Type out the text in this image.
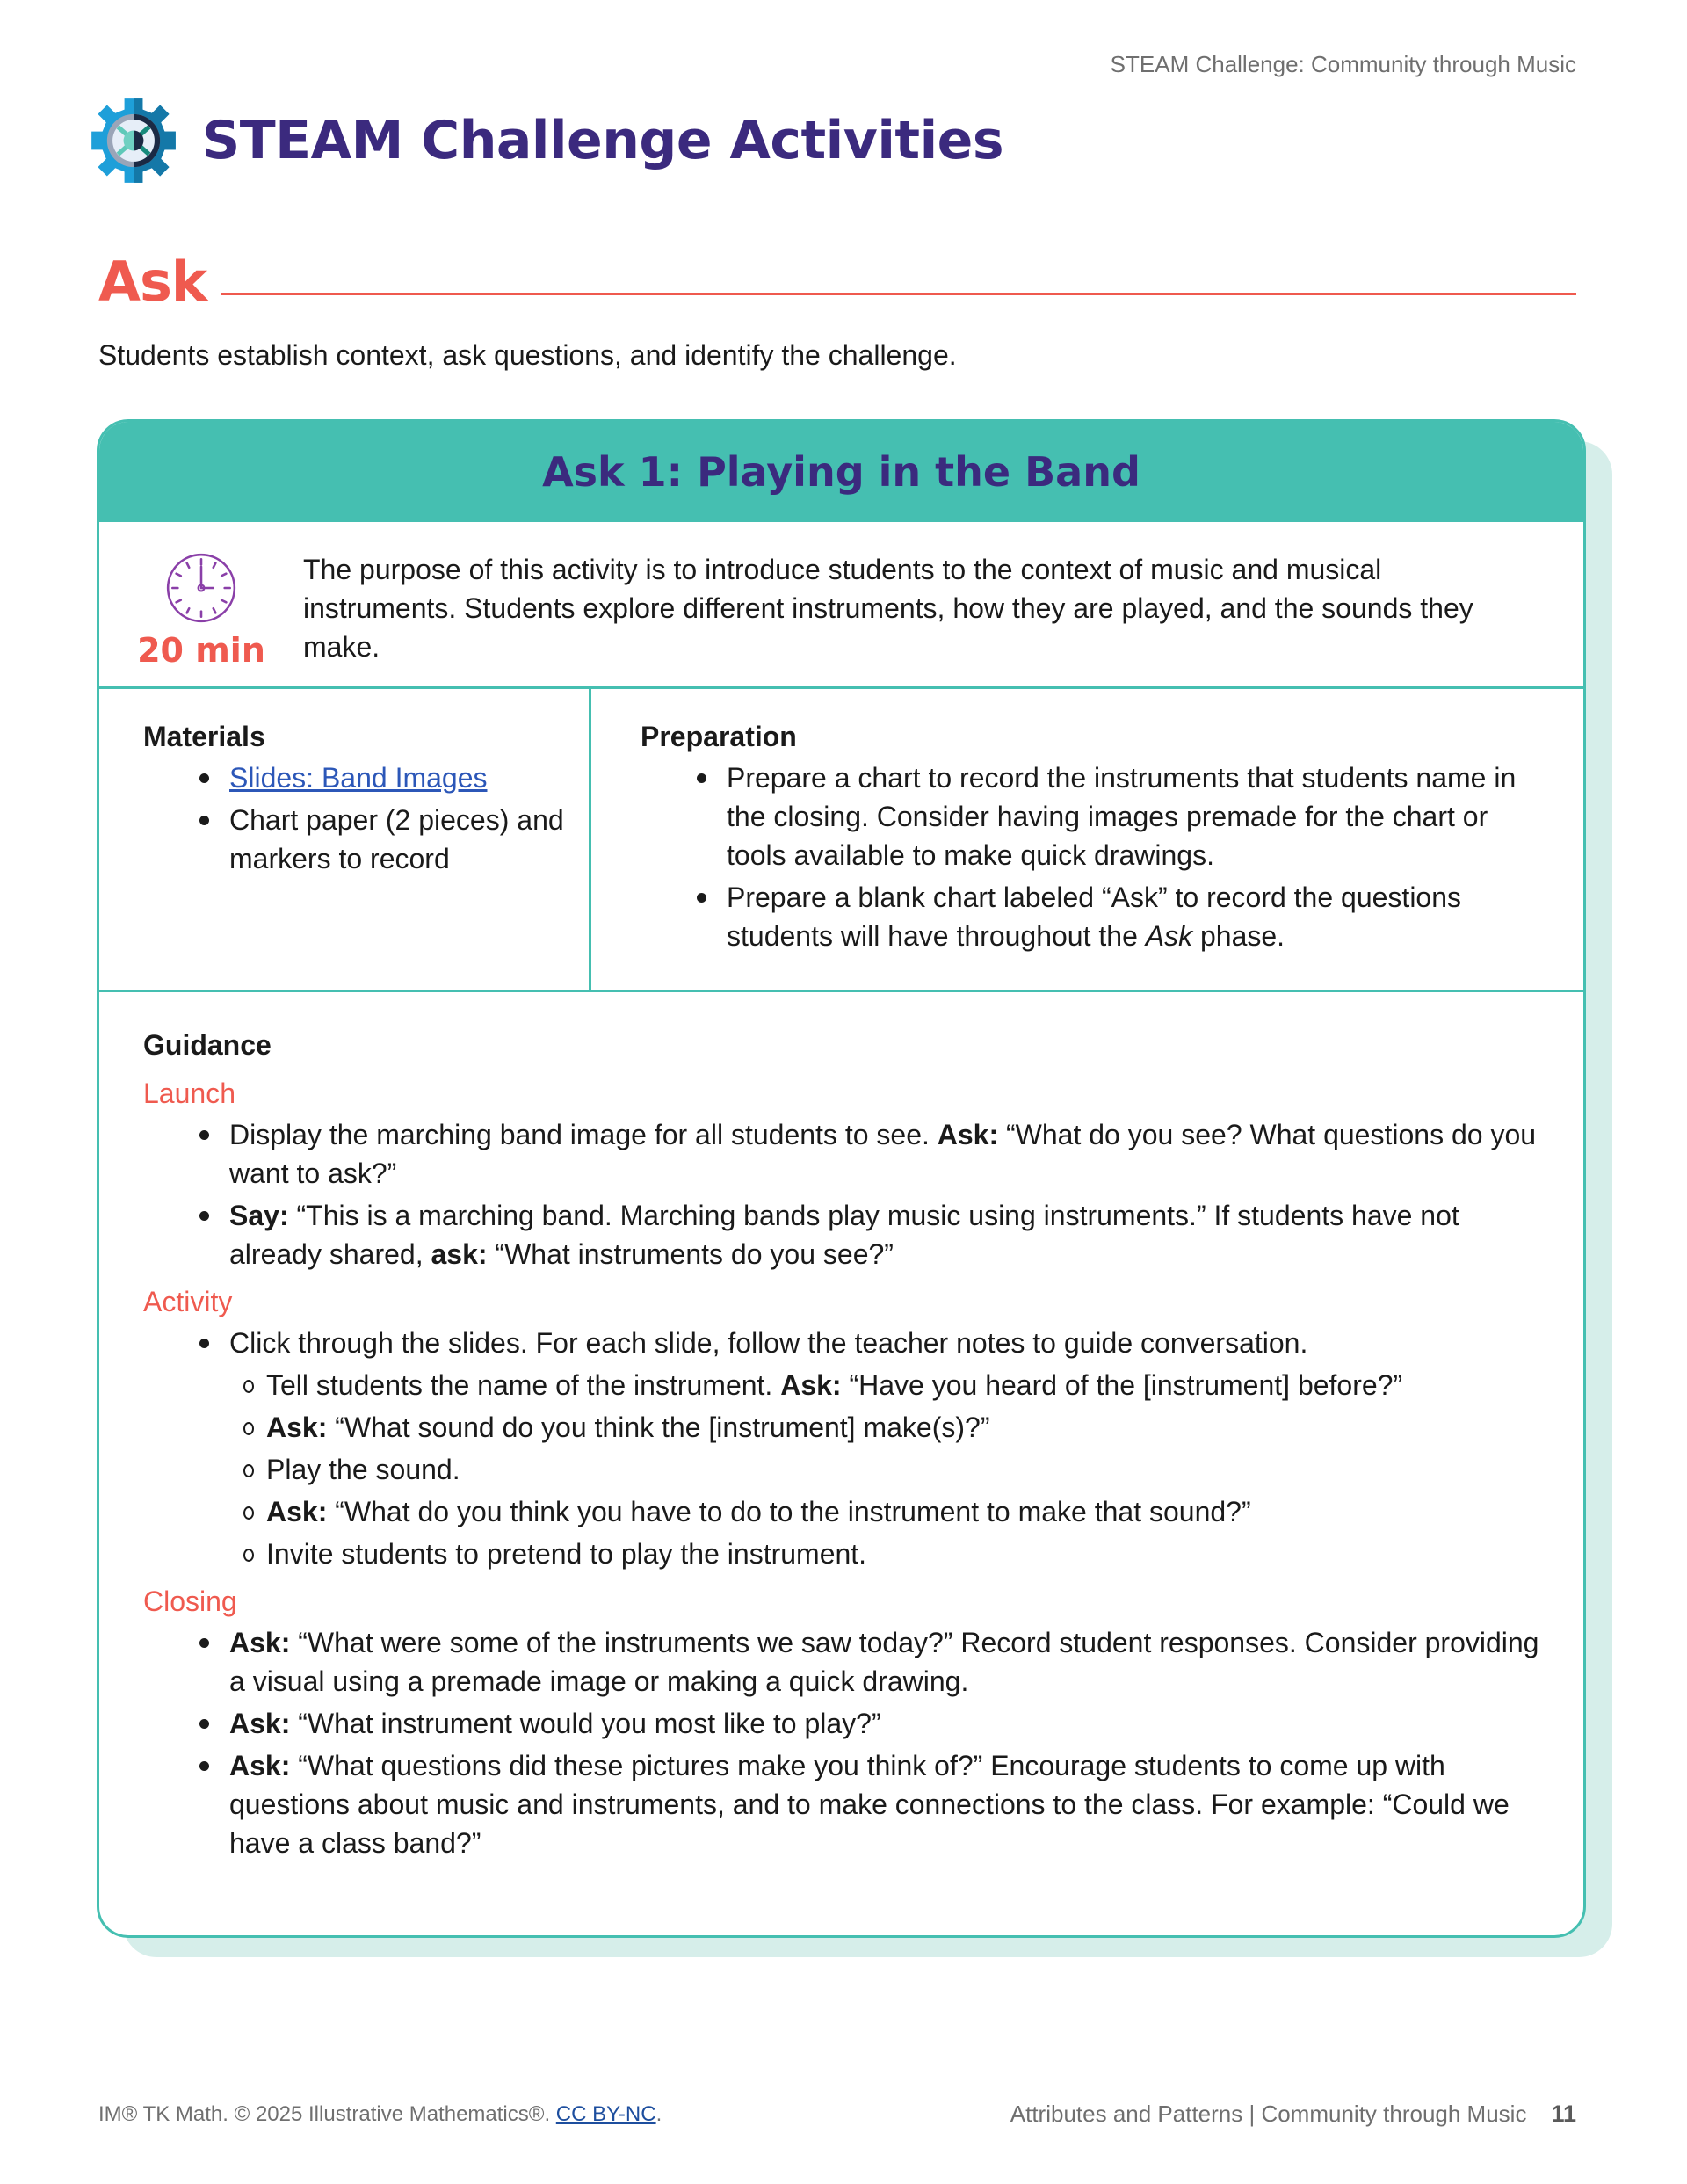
STEAM Challenge: Community through Music
STEAM Challenge Activities
Ask

Students establish context, ask questions, and identify the challenge.

Ask 1: Playing in the Band
20 min

The purpose of this activity is to introduce students to the context of music and musical instruments. Students explore different instruments, how they are played, and the sounds they make.

Materials
Slides: Band Images
Chart paper (2 pieces) and markers to record
Preparation
Prepare a chart to record the instruments that students name in the closing. Consider having images premade for the chart or tools available to make quick drawings.
Prepare a blank chart labeled “Ask” to record the questions students will have throughout the Ask phase.
Guidance
Launch
Display the marching band image for all students to see. Ask: “What do you see? What questions do you want to ask?”
Say: “This is a marching band. Marching bands play music using instruments.” If students have not already shared, ask: “What instruments do you see?”
Activity
Click through the slides. For each slide, follow the teacher notes to guide conversation.
Tell students the name of the instrument. Ask: “Have you heard of the [instrument] before?”
Ask: “What sound do you think the [instrument] make(s)?”
Play the sound.
Ask: “What do you think you have to do to the instrument to make that sound?”
Invite students to pretend to play the instrument.
Closing
Ask: “What were some of the instruments we saw today?” Record student responses. Consider providing a visual using a premade image or making a quick drawing.
Ask: “What instrument would you most like to play?”
Ask: “What questions did these pictures make you think of?” Encourage students to come up with questions about music and instruments, and to make connections to the class. For example: “Could we have a class band?”
IM® TK Math. © 2025 Illustrative Mathematics®. CC BY-NC.	Attributes and Patterns | Community through Music 11
